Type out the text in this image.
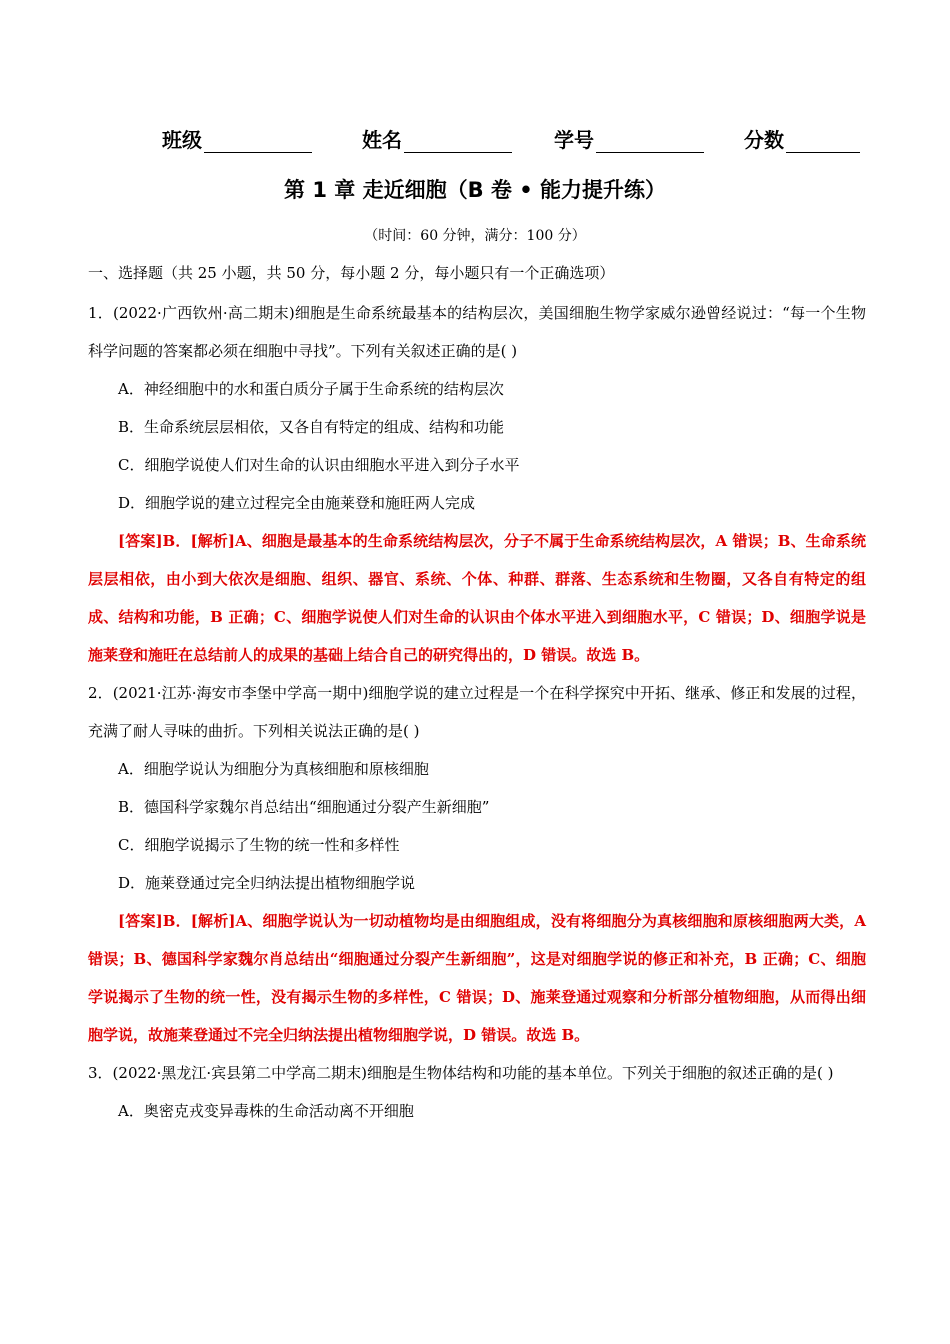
班级	姓名	学号	分数
第 1 章 走近细胞（B 卷 • 能力提升练）
（时间：60 分钟，满分：100 分）
一、选择题（共 25 小题，共 50 分，每小题 2 分，每小题只有一个正确选项）

1．(2022·广西钦州·高二期末)细胞是生命系统最基本的结构层次，美国细胞生物学家威尔逊曾经说过：“每一个生物科学问题的答案都必须在细胞中寻找”。下列有关叙述正确的是( )

A．神经细胞中的水和蛋白质分子属于生命系统的结构层次

B．生命系统层层相依，又各自有特定的组成、结构和功能

C．细胞学说使人们对生命的认识由细胞水平进入到分子水平

D．细胞学说的建立过程完全由施莱登和施旺两人完成

[答案]B．[解析]A、细胞是最基本的生命系统结构层次，分子不属于生命系统结构层次，A 错误；B、生命系统层层相依，由小到大依次是细胞、组织、器官、系统、个体、种群、群落、生态系统和生物圈，又各自有特定的组成、结构和功能，B 正确；C、细胞学说使人们对生命的认识由个体水平进入到细胞水平，C 错误；D、细胞学说是施莱登和施旺在总结前人的成果的基础上结合自己的研究得出的，D 错误。故选 B。

2．(2021·江苏·海安市李堡中学高一期中)细胞学说的建立过程是一个在科学探究中开拓、继承、修正和发展的过程，充满了耐人寻味的曲折。下列相关说法正确的是( )

A．细胞学说认为细胞分为真核细胞和原核细胞

B．德国科学家魏尔肖总结出“细胞通过分裂产生新细胞”

C．细胞学说揭示了生物的统一性和多样性

D．施莱登通过完全归纳法提出植物细胞学说

[答案]B．[解析]A、细胞学说认为一切动植物均是由细胞组成，没有将细胞分为真核细胞和原核细胞两大类，A 错误；B、德国科学家魏尔肖总结出“细胞通过分裂产生新细胞”，这是对细胞学说的修正和补充，B 正确；C、细胞学说揭示了生物的统一性，没有揭示生物的多样性，C 错误；D、施莱登通过观察和分析部分植物细胞，从而得出细胞学说，故施莱登通过不完全归纳法提出植物细胞学说，D 错误。故选 B。

3．(2022·黑龙江·宾县第二中学高二期末)细胞是生物体结构和功能的基本单位。下列关于细胞的叙述正确的是( )

A．奥密克戎变异毒株的生命活动离不开细胞
